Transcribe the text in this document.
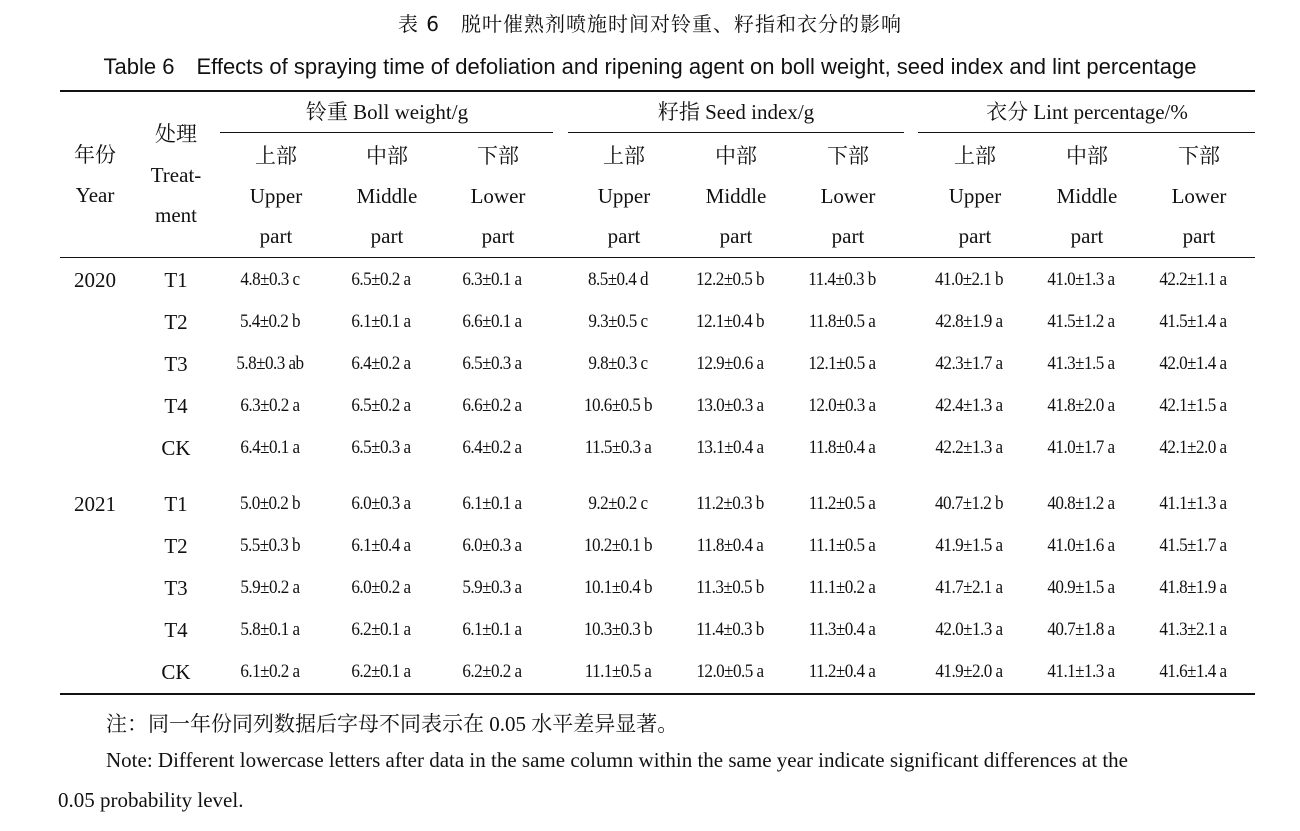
表 6　脱叶催熟剂喷施时间对铃重、籽指和衣分的影响
Table 6　Effects of spraying time of defoliation and ripening agent on boll weight, seed index and lint percentage
年份
Year
处理
Treat-
ment
铃重 Boll weight/g	籽指 Seed index/g	衣分 Lint percentage/%
上部
Upper
part
中部
Middle
part
下部
Lower
part
上部
Upper
part
中部
Middle
part
下部
Lower
part
上部
Upper
part
中部
Middle
part
下部
Lower
part
2020	T1	4.8±0.3 c	6.5±0.2 a	6.3±0.1 a	8.5±0.4 d	12.2±0.5 b	11.4±0.3 b	41.0±2.1 b	41.0±1.3 a	42.2±1.1 a
T2	5.4±0.2 b	6.1±0.1 a	6.6±0.1 a	9.3±0.5 c	12.1±0.4 b	11.8±0.5 a	42.8±1.9 a	41.5±1.2 a	41.5±1.4 a
T3	5.8±0.3 ab	6.4±0.2 a	6.5±0.3 a	9.8±0.3 c	12.9±0.6 a	12.1±0.5 a	42.3±1.7 a	41.3±1.5 a	42.0±1.4 a
T4	6.3±0.2 a	6.5±0.2 a	6.6±0.2 a	10.6±0.5 b	13.0±0.3 a	12.0±0.3 a	42.4±1.3 a	41.8±2.0 a	42.1±1.5 a
CK	6.4±0.1 a	6.5±0.3 a	6.4±0.2 a	11.5±0.3 a	13.1±0.4 a	11.8±0.4 a	42.2±1.3 a	41.0±1.7 a	42.1±2.0 a
2021	T1	5.0±0.2 b	6.0±0.3 a	6.1±0.1 a	9.2±0.2 c	11.2±0.3 b	11.2±0.5 a	40.7±1.2 b	40.8±1.2 a	41.1±1.3 a
T2	5.5±0.3 b	6.1±0.4 a	6.0±0.3 a	10.2±0.1 b	11.8±0.4 a	11.1±0.5 a	41.9±1.5 a	41.0±1.6 a	41.5±1.7 a
T3	5.9±0.2 a	6.0±0.2 a	5.9±0.3 a	10.1±0.4 b	11.3±0.5 b	11.1±0.2 a	41.7±2.1 a	40.9±1.5 a	41.8±1.9 a
T4	5.8±0.1 a	6.2±0.1 a	6.1±0.1 a	10.3±0.3 b	11.4±0.3 b	11.3±0.4 a	42.0±1.3 a	40.7±1.8 a	41.3±2.1 a
CK	6.1±0.2 a	6.2±0.1 a	6.2±0.2 a	11.1±0.5 a	12.0±0.5 a	11.2±0.4 a	41.9±2.0 a	41.1±1.3 a	41.6±1.4 a
注：同一年份同列数据后字母不同表示在 0.05 水平差异显著。
Note: Different lowercase letters after data in the same column within the same year indicate significant differences at the
0.05 probability level.
